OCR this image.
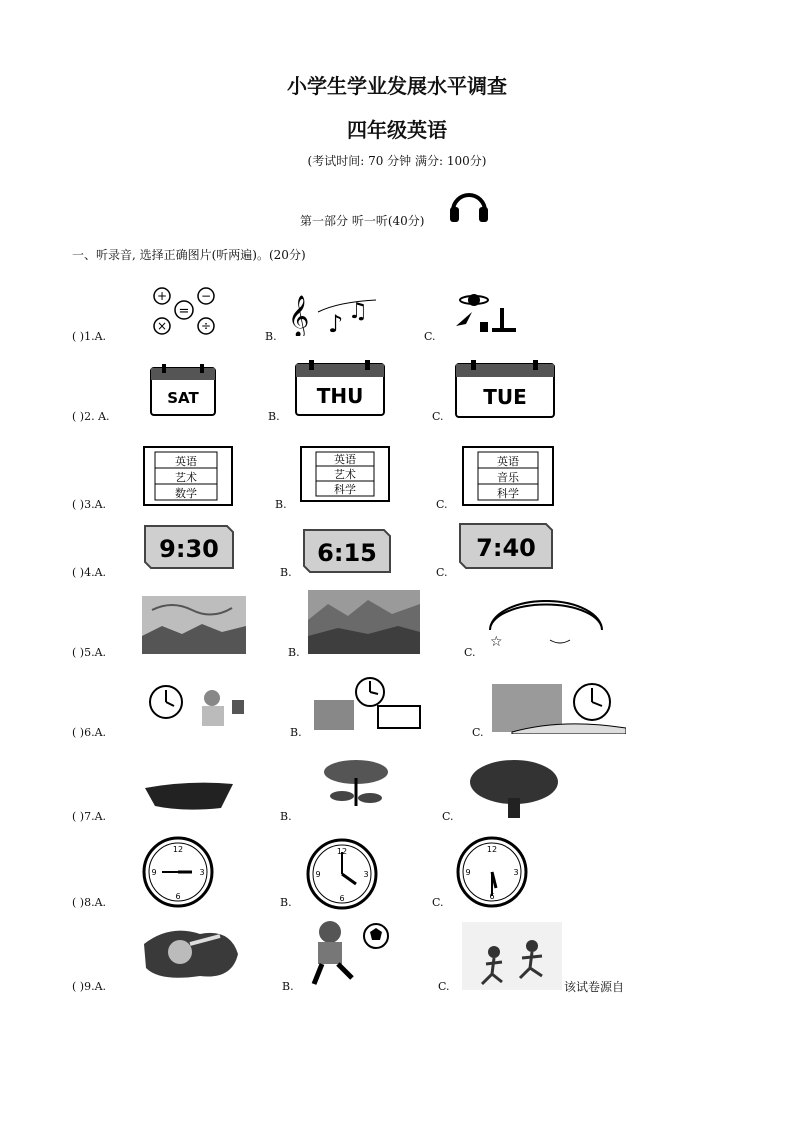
小学生学业发展水平调查
四年级英语
(考试时间: 70 分钟 满分: 100分)
第一部分 听一听(40分)
一、听录音, 选择正确图片(听两遍)。(20分)
( )1.A.
+
=
−
×	÷
B. 𝄞 ♪ ♫
C.
( )2. A.
SAT
B.
THU
C.
TUE
( )3.A.
英语
艺术
数学
B.
英语
艺术
科学
C.
英语
音乐
科学
( )4.A.
9:30
B.
6:15
C.
7:40
( )5.A.	B.	C.
☆
( )6.A.	B.	C.
( )7.A.	B.	C.
( )8.A.
12
3
6
9
B.
12
3
6
9
C.
12
3
6
9
( )9.A.	B.	C.	该试卷源自
